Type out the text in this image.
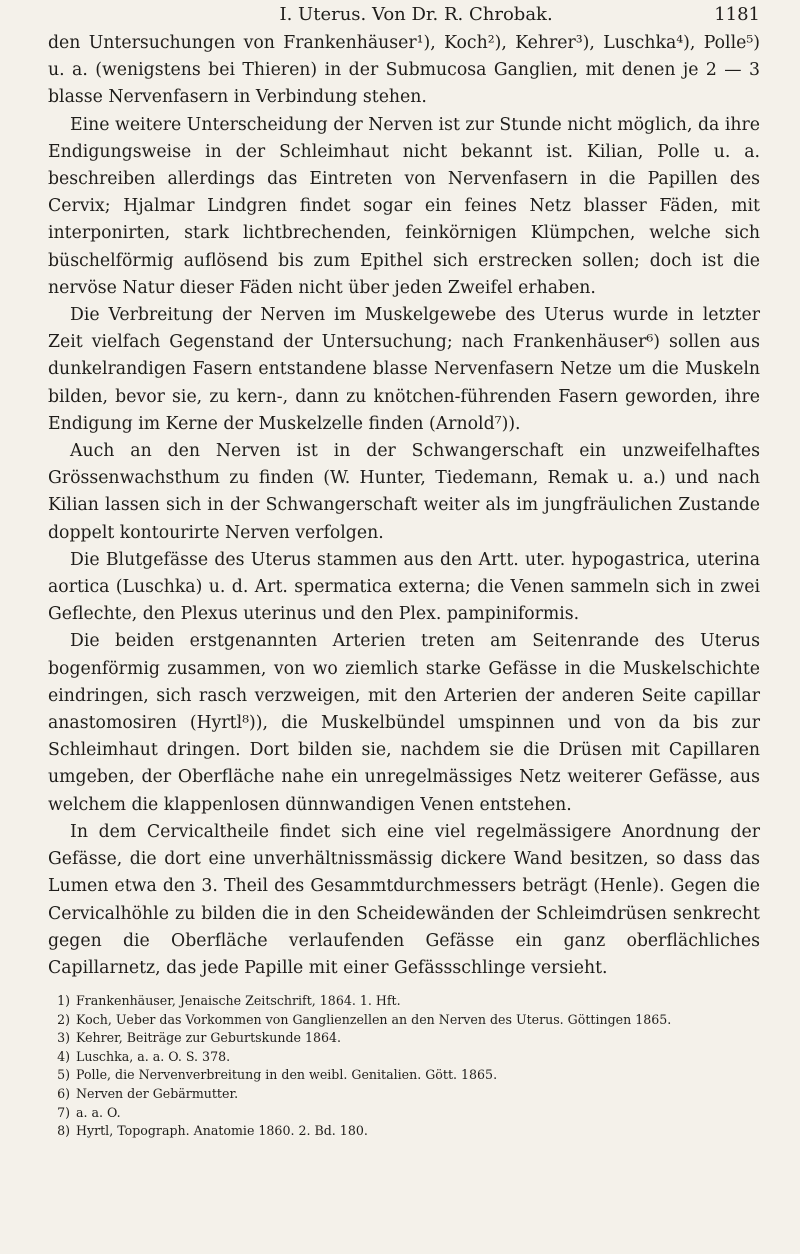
I. Uterus. Von Dr. R. Chrobak.	1181

den Untersuchungen von Frankenhäuser¹), Koch²), Kehrer³), Luschka⁴), Polle⁵) u. a. (wenigstens bei Thieren) in der Submucosa Ganglien, mit denen je 2 — 3 blasse Nervenfasern in Verbindung stehen.

Eine weitere Unterscheidung der Nerven ist zur Stunde nicht möglich, da ihre Endigungsweise in der Schleimhaut nicht bekannt ist. Kilian, Polle u. a. beschreiben allerdings das Eintreten von Nervenfasern in die Papillen des Cervix; Hjalmar Lindgren findet sogar ein feines Netz blasser Fäden, mit interponirten, stark lichtbrechenden, feinkörnigen Klümpchen, welche sich büschelförmig auflösend bis zum Epithel sich erstrecken sollen; doch ist die nervöse Natur dieser Fäden nicht über jeden Zweifel erhaben.

Die Verbreitung der Nerven im Muskelgewebe des Uterus wurde in letzter Zeit vielfach Gegenstand der Untersuchung; nach Frankenhäuser⁶) sollen aus dunkelrandigen Fasern entstandene blasse Nervenfasern Netze um die Muskeln bilden, bevor sie, zu kern-, dann zu knötchen-führenden Fasern geworden, ihre Endigung im Kerne der Muskelzelle finden (Arnold⁷)).

Auch an den Nerven ist in der Schwangerschaft ein unzweifelhaftes Grössenwachsthum zu finden (W. Hunter, Tiedemann, Remak u. a.) und nach Kilian lassen sich in der Schwangerschaft weiter als im jungfräulichen Zustande doppelt kontourirte Nerven verfolgen.

Die Blutgefässe des Uterus stammen aus den Artt. uter. hypogastrica, uterina aortica (Luschka) u. d. Art. spermatica externa; die Venen sammeln sich in zwei Geflechte, den Plexus uterinus und den Plex. pampiniformis.

Die beiden erstgenannten Arterien treten am Seitenrande des Uterus bogenförmig zusammen, von wo ziemlich starke Gefässe in die Muskelschichte eindringen, sich rasch verzweigen, mit den Arterien der anderen Seite capillar anastomosiren (Hyrtl⁸)), die Muskelbündel umspinnen und von da bis zur Schleimhaut dringen. Dort bilden sie, nachdem sie die Drüsen mit Capillaren umgeben, der Oberfläche nahe ein unregelmässiges Netz weiterer Gefässe, aus welchem die klappenlosen dünnwandigen Venen entstehen.

In dem Cervicaltheile findet sich eine viel regelmässigere Anordnung der Gefässe, die dort eine unverhältnissmässig dickere Wand besitzen, so dass das Lumen etwa den 3. Theil des Gesammtdurchmessers beträgt (Henle). Gegen die Cervicalhöhle zu bilden die in den Scheidewänden der Schleimdrüsen senkrecht gegen die Oberfläche verlaufenden Gefässe ein ganz oberflächliches Capillarnetz, das jede Papille mit einer Gefässschlinge versieht.

1) Frankenhäuser, Jenaische Zeitschrift, 1864. 1. Hft.
2) Koch, Ueber das Vorkommen von Ganglienzellen an den Nerven des Uterus. Göttingen 1865.
3) Kehrer, Beiträge zur Geburtskunde 1864.
4) Luschka, a. a. O. S. 378.
5) Polle, die Nervenverbreitung in den weibl. Genitalien. Gött. 1865.
6) Nerven der Gebärmutter.
7) a. a. O.
8) Hyrtl, Topograph. Anatomie 1860. 2. Bd. 180.
